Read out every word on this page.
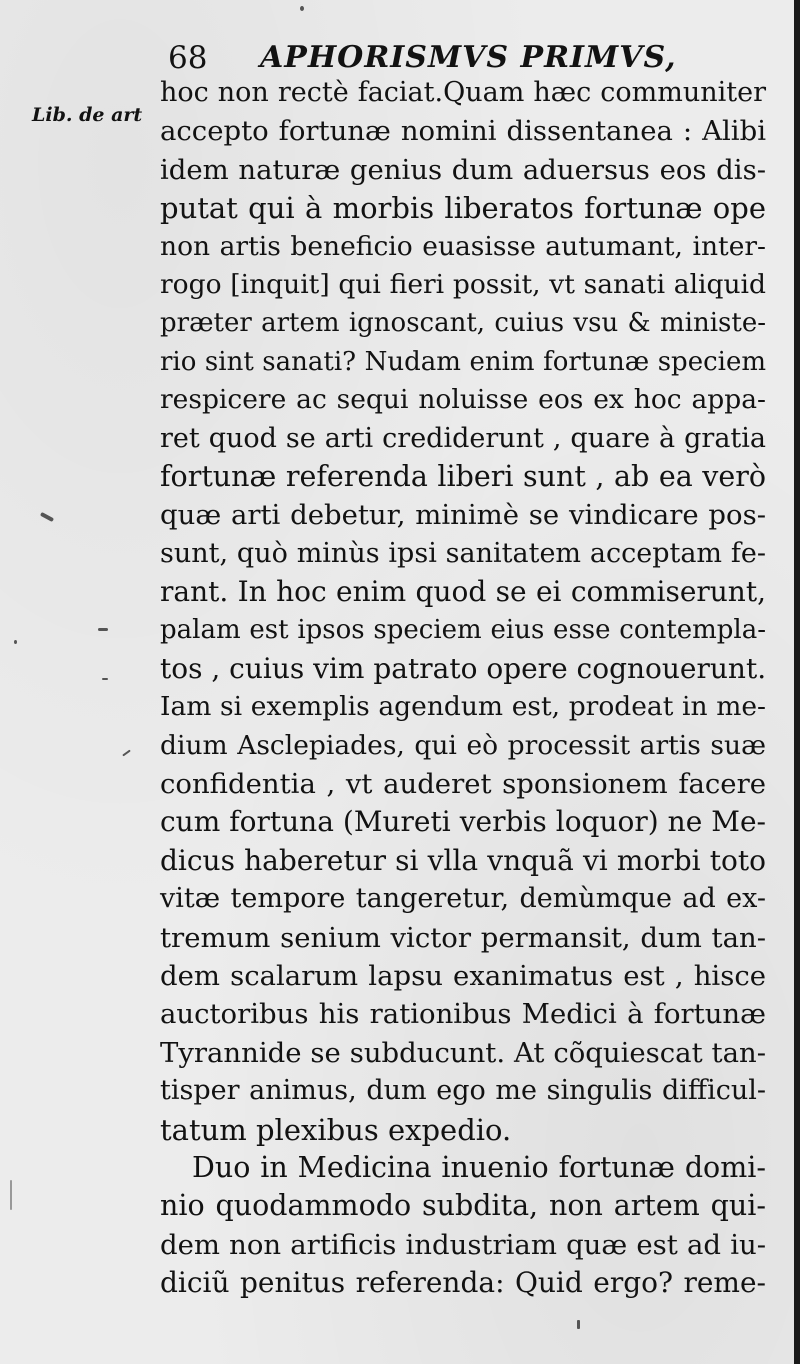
68 APHORISMVS PRIMVS,
Lib. de art
hoc non rectè faciat.Quam hæc communiter
accepto fortunæ nomini dissentanea : Alibi
idem naturæ genius dum aduersus eos dis-
putat qui à morbis liberatos fortunæ ope
non artis beneficio euasisse autumant, inter-
rogo [inquit] qui fieri possit, vt sanati aliquid
præter artem ignoscant, cuius vsu & ministe-
rio sint sanati? Nudam enim fortunæ speciem
respicere ac sequi noluisse eos ex hoc appa-
ret quod se arti crediderunt , quare à gratia
fortunæ referenda liberi sunt , ab ea verò
quæ arti debetur, minimè se vindicare pos-
sunt, quò minùs ipsi sanitatem acceptam fe-
rant. In hoc enim quod se ei commiserunt,
palam est ipsos speciem eius esse contempla-
tos , cuius vim patrato opere cognouerunt.
Iam si exemplis agendum est, prodeat in me-
dium Asclepiades, qui eò processit artis suæ
confidentia , vt auderet sponsionem facere
cum fortuna (Mureti verbis loquor) ne Me-
dicus haberetur si vlla vnquã vi morbi toto
vitæ tempore tangeretur, demùmque ad ex-
tremum senium victor permansit, dum tan-
dem scalarum lapsu exanimatus est , hisce
auctoribus his rationibus Medici à fortunæ
Tyrannide se subducunt. At cõquiescat tan-
tisper animus, dum ego me singulis difficul-
tatum plexibus expedio.
Duo in Medicina inuenio fortunæ domi-
nio quodammodo subdita, non artem qui-
dem non artificis industriam quæ est ad iu-
diciũ penitus referenda: Quid ergo? reme-
